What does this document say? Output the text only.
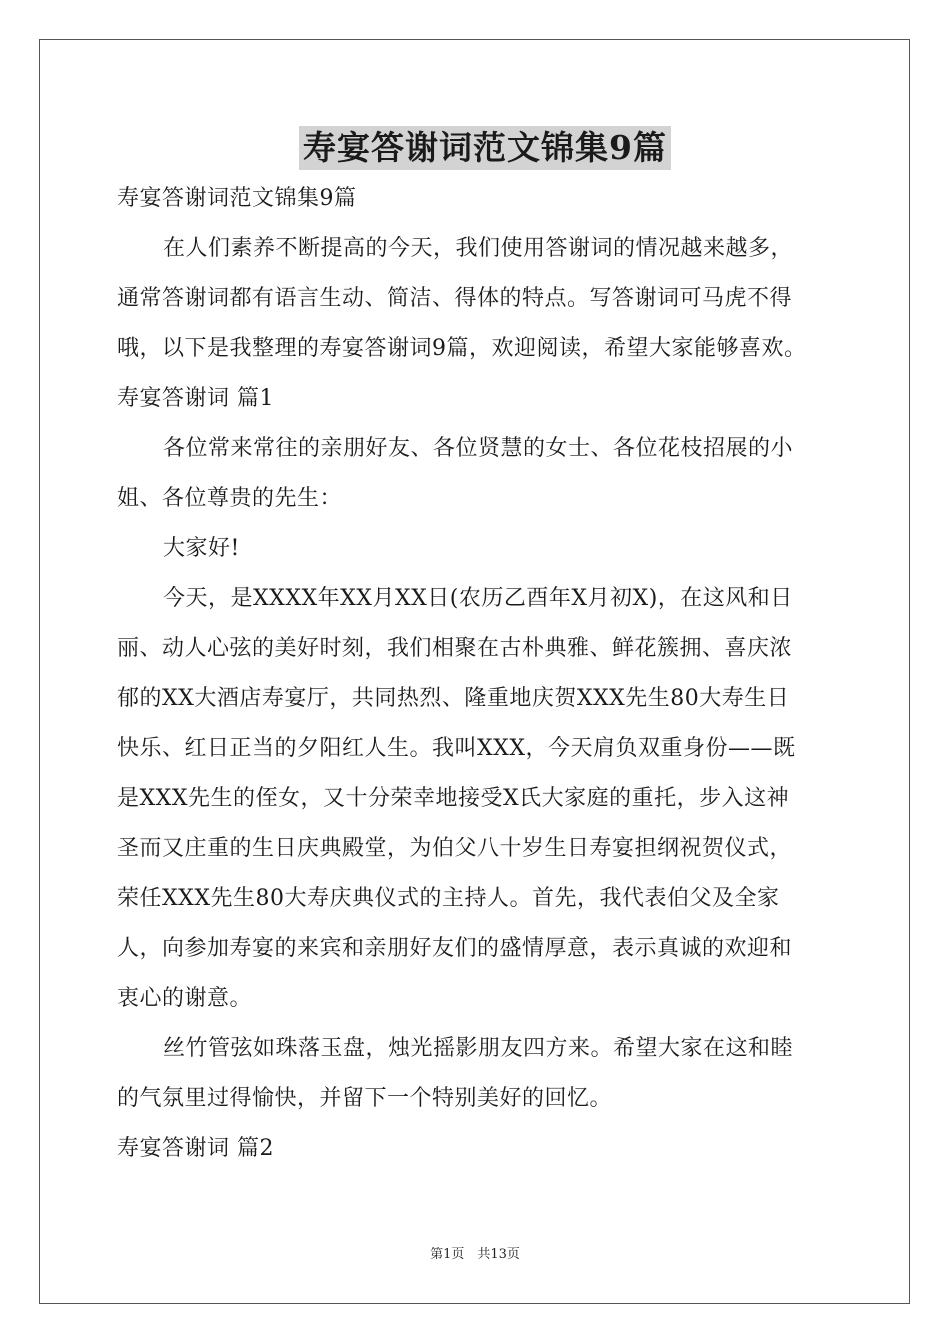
寿宴答谢词范文锦集9篇
寿宴答谢词范文锦集9篇
在人们素养不断提高的今天，我们使用答谢词的情况越来越多，
通常答谢词都有语言生动、简洁、得体的特点。写答谢词可马虎不得
哦，以下是我整理的寿宴答谢词9篇，欢迎阅读，希望大家能够喜欢。
寿宴答谢词 篇1
各位常来常往的亲朋好友、各位贤慧的女士、各位花枝招展的小
姐、各位尊贵的先生：
大家好!
今天，是XXXX年XX月XX日(农历乙酉年X月初X)，在这风和日
丽、动人心弦的美好时刻，我们相聚在古朴典雅、鲜花簇拥、喜庆浓
郁的XX大酒店寿宴厅，共同热烈、隆重地庆贺XXX先生80大寿生日
快乐、红日正当的夕阳红人生。我叫XXX，今天肩负双重身份——既
是XXX先生的侄女，又十分荣幸地接受X氏大家庭的重托，步入这神
圣而又庄重的生日庆典殿堂，为伯父八十岁生日寿宴担纲祝贺仪式，
荣任XXX先生80大寿庆典仪式的主持人。首先，我代表伯父及全家
人，向参加寿宴的来宾和亲朋好友们的盛情厚意，表示真诚的欢迎和
衷心的谢意。
丝竹管弦如珠落玉盘，烛光摇影朋友四方来。希望大家在这和睦
的气氛里过得愉快，并留下一个特别美好的回忆。
寿宴答谢词 篇2
第1页　共13页
